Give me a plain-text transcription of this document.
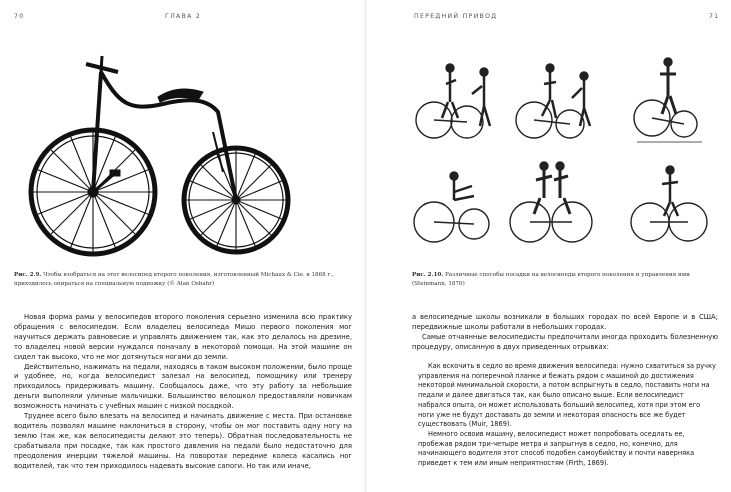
70	ГЛАВА 2
Рис. 2.9. Чтобы взобраться на этот велосипед второго поколения, изготовленный Michaux & Cie. в 1868 г., приходилось опираться на специальную подножку (© Alan Osbahr)

Новая форма рамы у велосипедов второго поколения серьезно изменила всю практику обращения с велосипедом. Если владелец велосипеда Мишо первого поколения мог научиться держать равновесие и управлять движением так, как это делалось на дрезине, то владелец новой версии нуждался поначалу в некоторой помощи. На этой машине он сидел так высоко, что не мог дотянуться ногами до земли.

Действительно, нажимать на педали, находясь в таком высоком положении, было проще и удобнее, но, когда велосипедист залезал на велосипед, помощнику или тренеру приходилось придерживать машину. Сообщалось даже, что эту работу за небольшие деньги выполняли уличные мальчишки. Большинство велошкол предоставляли новичкам возможность начинать с учебных машин с низкой посадкой.

Труднее всего было влезать на велосипед и начинать движение с места. При остановке водитель позволял машине наклониться в сторону, чтобы он мог поставить одну ногу на землю (так же, как велосипедисты делают это теперь). Обратная последовательность не срабатывала при посадке, так как простого давления на педали было недостаточно для преодоления инерции тяжелой машины. На поворотах передние колеса касались ног водителей, так что тем приходилось надевать высокие сапоги. Но так или иначе,

ПЕРЕДНИЙ ПРИВОД	71
Рис. 2.10. Различные способы посадки на велосипеды второго поколения и управления ими (Steinmann, 1870)

а велосипедные школы возникали в больших городах по всей Европе и в США; передвижные школы работали в небольших городах.

Самые отчаянные велосипедисты предпочитали иногда проходить болезненную процедуру, описанную в двух приведенных отрывках:

Как вскочить в седло во время движения велосипеда: нужно схватиться за ручку управления на поперечной планке и бежать рядом с машиной до достижения некоторой минимальной скорости, а потом вспрыгнуть в седло, поставить ноги на педали и далее двигаться так, как было описано выше. Если велосипедист набрался опыта, он может использовать больший велосипед, хотя при этом его ноги уже не будут доставать до земли и некоторая опасность все же будет существовать (Muir, 1869).

Немного освоив машину, велосипедист может попробовать оседлать ее, пробежав рядом три-четыре метра и запрыгнув в седло, но, конечно, для начинающего водителя этот способ подобен самоубийству и почти наверняка приведет к тем или иным неприятностям (Firth, 1869).
